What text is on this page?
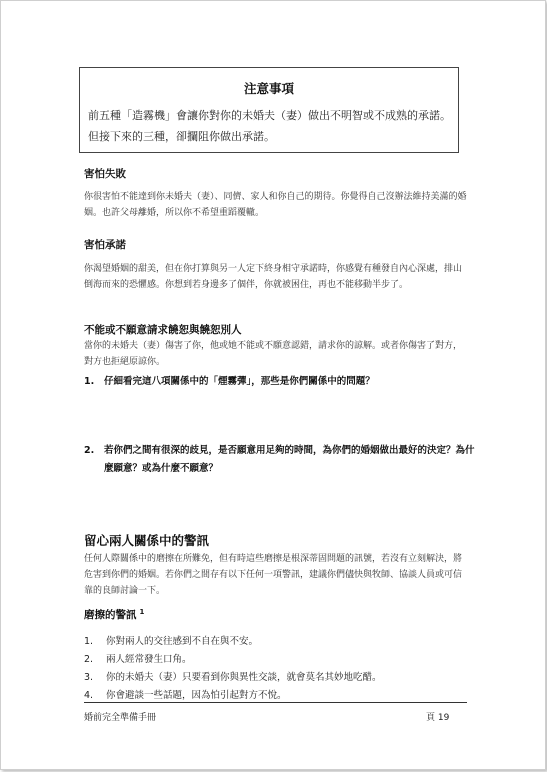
注意事項
前五種「造霧機」會讓你對你的未婚夫（妻）做出不明智或不成熟的承諾。但接下來的三種，卻攔阻你做出承諾。
害怕失敗
你很害怕不能達到你未婚夫（妻）、同儕、家人和你自己的期待。你覺得自己沒辦法維持美滿的婚姻。也許父母離婚，所以你不希望重蹈覆轍。
害怕承諾
你渴望婚姻的甜美，但在你打算與另一人定下終身相守承諾時，你感覺有種發自內心深處，排山倒海而來的恐懼感。你想到若身邊多了個伴，你就被困住，再也不能移動半步了。
不能或不願意請求饒恕與饒恕別人
當你的未婚夫（妻）傷害了你，他或她不能或不願意認錯，請求你的諒解。或者你傷害了對方，對方也拒絕原諒你。
1. 仔細看完這八項關係中的「煙霧彈」，那些是你們關係中的問題？
2. 若你們之間有很深的歧見，是否願意用足夠的時間，為你們的婚姻做出最好的決定？為什麼願意？或為什麼不願意？
留心兩人關係中的警訊
任何人際關係中的磨擦在所難免，但有時這些磨擦是根深蒂固問題的訊號，若沒有立刻解決，將危害到你們的婚姻。若你們之間存有以下任何一項警訊，建議你們儘快與牧師、協談人員或可信靠的良師討論一下。
磨擦的警訊 $^1$
1. 你對兩人的交往感到不自在與不安。
2. 兩人經常發生口角。
3. 你的未婚夫（妻）只要看到你與異性交談，就會莫名其妙地吃醋。
4. 你會避談一些話題，因為怕引起對方不悅。
婚前完全準備手冊	頁 19
